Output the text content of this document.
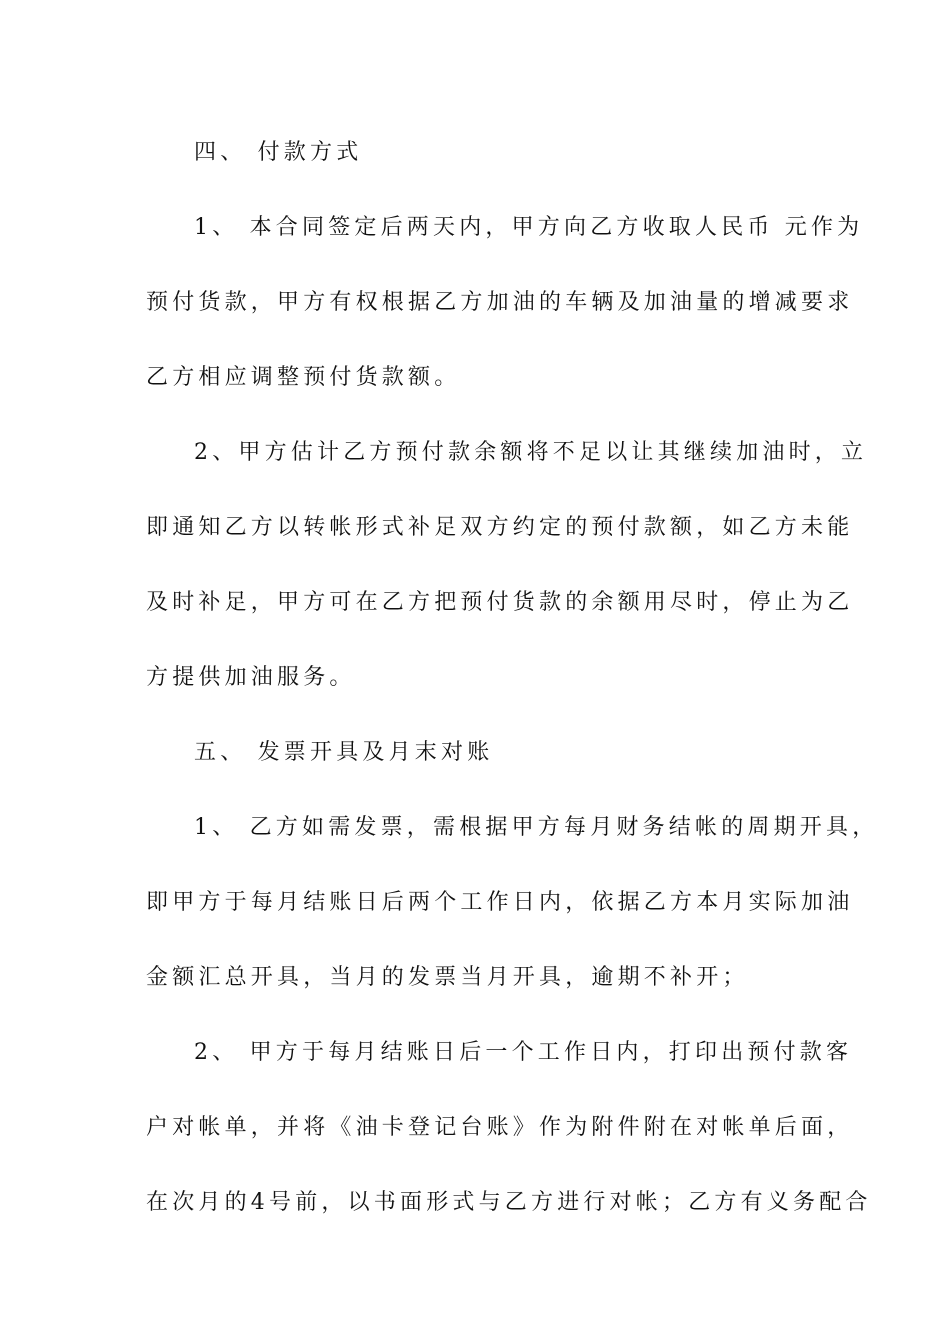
四、 付款方式
1、 本合同签定后两天内，甲方向乙方收取人民币 元作为
预付货款，甲方有权根据乙方加油的车辆及加油量的增减要求
乙方相应调整预付货款额。
2、甲方估计乙方预付款余额将不足以让其继续加油时，立
即通知乙方以转帐形式补足双方约定的预付款额，如乙方未能
及时补足，甲方可在乙方把预付货款的余额用尽时，停止为乙
方提供加油服务。
五、 发票开具及月末对账
1、 乙方如需发票，需根据甲方每月财务结帐的周期开具，
即甲方于每月结账日后两个工作日内，依据乙方本月实际加油
金额汇总开具，当月的发票当月开具，逾期不补开；
2、 甲方于每月结账日后一个工作日内，打印出预付款客
户对帐单，并将《油卡登记台账》作为附件附在对帐单后面，
在次月的4号前，以书面形式与乙方进行对帐；乙方有义务配合
